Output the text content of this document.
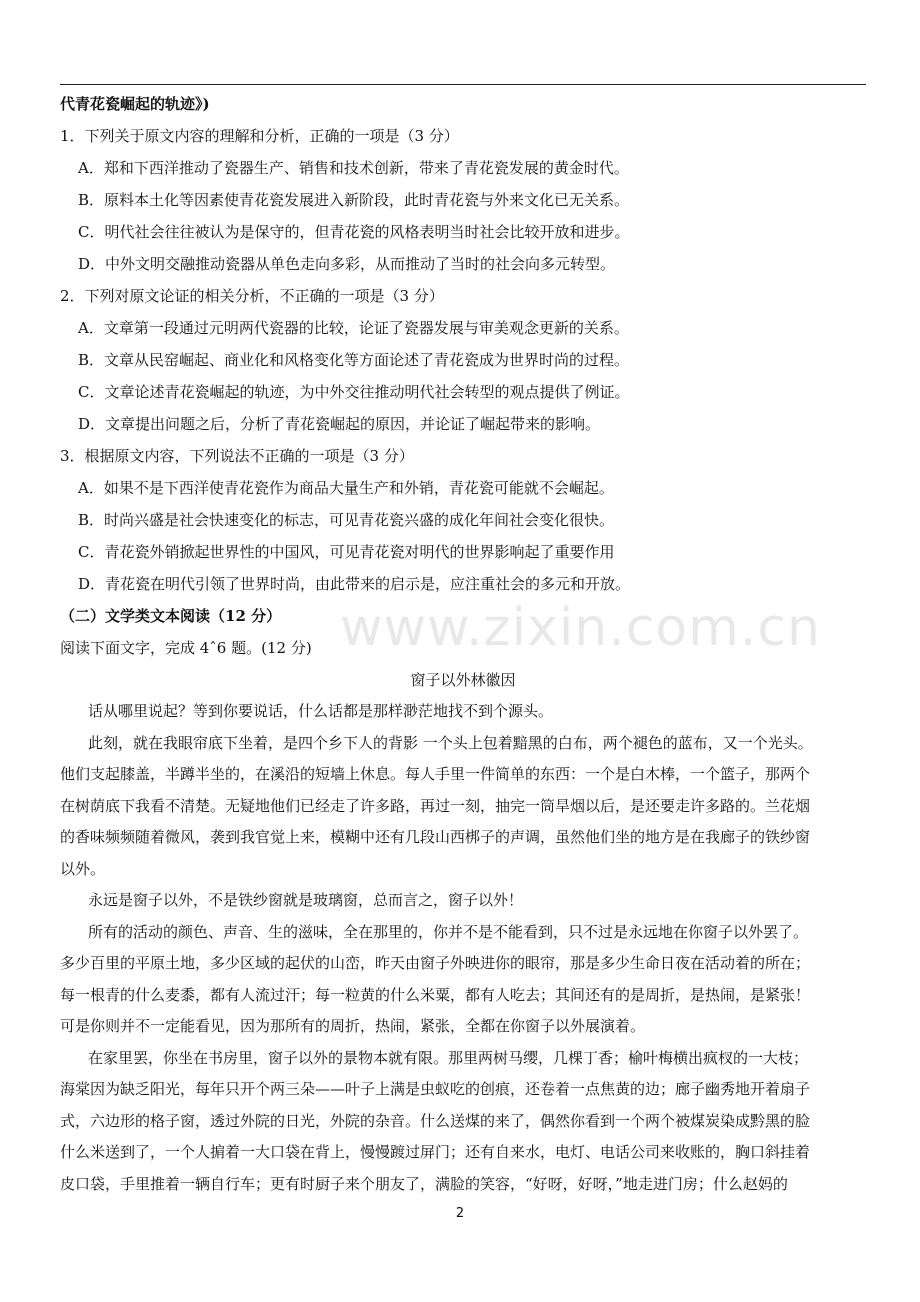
代青花瓷崛起的轨迹》)
1．下列关于原文内容的理解和分析，正确的一项是（3 分）
A．郑和下西洋推动了瓷器生产、销售和技术创新，带来了青花瓷发展的黄金时代。
B．原料本土化等因素使青花瓷发展进入新阶段，此时青花瓷与外来文化已无关系。
C．明代社会往往被认为是保守的，但青花瓷的风格表明当时社会比较开放和进步。
D．中外文明交融推动瓷器从单色走向多彩，从而推动了当时的社会向多元转型。
2．下列对原文论证的相关分析，不正确的一项是（3 分）
A．文章第一段通过元明两代瓷器的比较，论证了瓷器发展与审美观念更新的关系。
B．文章从民窑崛起、商业化和风格变化等方面论述了青花瓷成为世界时尚的过程。
C．文章论述青花瓷崛起的轨迹，为中外交往推动明代社会转型的观点提供了例证。
D．文章提出问题之后，分析了青花瓷崛起的原因，并论证了崛起带来的影响。
3．根据原文内容，下列说法不正确的一项是（3 分）
A．如果不是下西洋使青花瓷作为商品大量生产和外销，青花瓷可能就不会崛起。
B．时尚兴盛是社会快速变化的标志，可见青花瓷兴盛的成化年间社会变化很快。
C．青花瓷外销掀起世界性的中国风，可见青花瓷对明代的世界影响起了重要作用
D．青花瓷在明代引领了世界时尚，由此带来的启示是，应注重社会的多元和开放。
（二）文学类文本阅读（12 分）
阅读下面文字，完成 4ˆ6 题。(12 分)
窗子以外林徽因
话从哪里说起？等到你要说话，什么话都是那样渺茫地找不到个源头。
此刻，就在我眼帘底下坐着，是四个乡下人的背影 一个头上包着黯黑的白布，两个褪色的蓝布，又一个光头。
他们支起膝盖，半蹲半坐的，在溪沿的短墙上休息。每人手里一件简单的东西：一个是白木棒，一个篮子，那两个
在树荫底下我看不清楚。无疑地他们已经走了许多路，再过一刻，抽完一筒旱烟以后，是还要走许多路的。兰花烟
的香味频频随着微风，袭到我官觉上来，模糊中还有几段山西梆子的声调，虽然他们坐的地方是在我廊子的铁纱窗
以外。
永远是窗子以外，不是铁纱窗就是玻璃窗，总而言之，窗子以外！
所有的活动的颜色、声音、生的滋味，全在那里的，你并不是不能看到，只不过是永远地在你窗子以外罢了。
多少百里的平原土地，多少区域的起伏的山峦，昨天由窗子外映进你的眼帘，那是多少生命日夜在活动着的所在；
每一根青的什么麦黍，都有人流过汗；每一粒黄的什么米粟，都有人吃去；其间还有的是周折，是热闹，是紧张！
可是你则并不一定能看见，因为那所有的周折，热闹，紧张，全都在你窗子以外展演着。
在家里罢，你坐在书房里，窗子以外的景物本就有限。那里两树马缨，几棵丁香；榆叶梅横出疯杈的一大枝；
海棠因为缺乏阳光，每年只开个两三朵——叶子上满是虫蚁吃的创痕，还卷着一点焦黄的边；廊子幽秀地开着扇子
式，六边形的格子窗，透过外院的日光，外院的杂音。什么送煤的来了，偶然你看到一个两个被煤炭染成黔黑的脸
什么米送到了，一个人掮着一大口袋在背上，慢慢踱过屏门；还有自来水，电灯、电话公司来收账的，胸口斜挂着
皮口袋，手里推着一辆自行车；更有时厨子来个朋友了，满脸的笑容，“好呀，好呀，”地走进门房；什么赵妈的
www.zixin.com.cn
2
